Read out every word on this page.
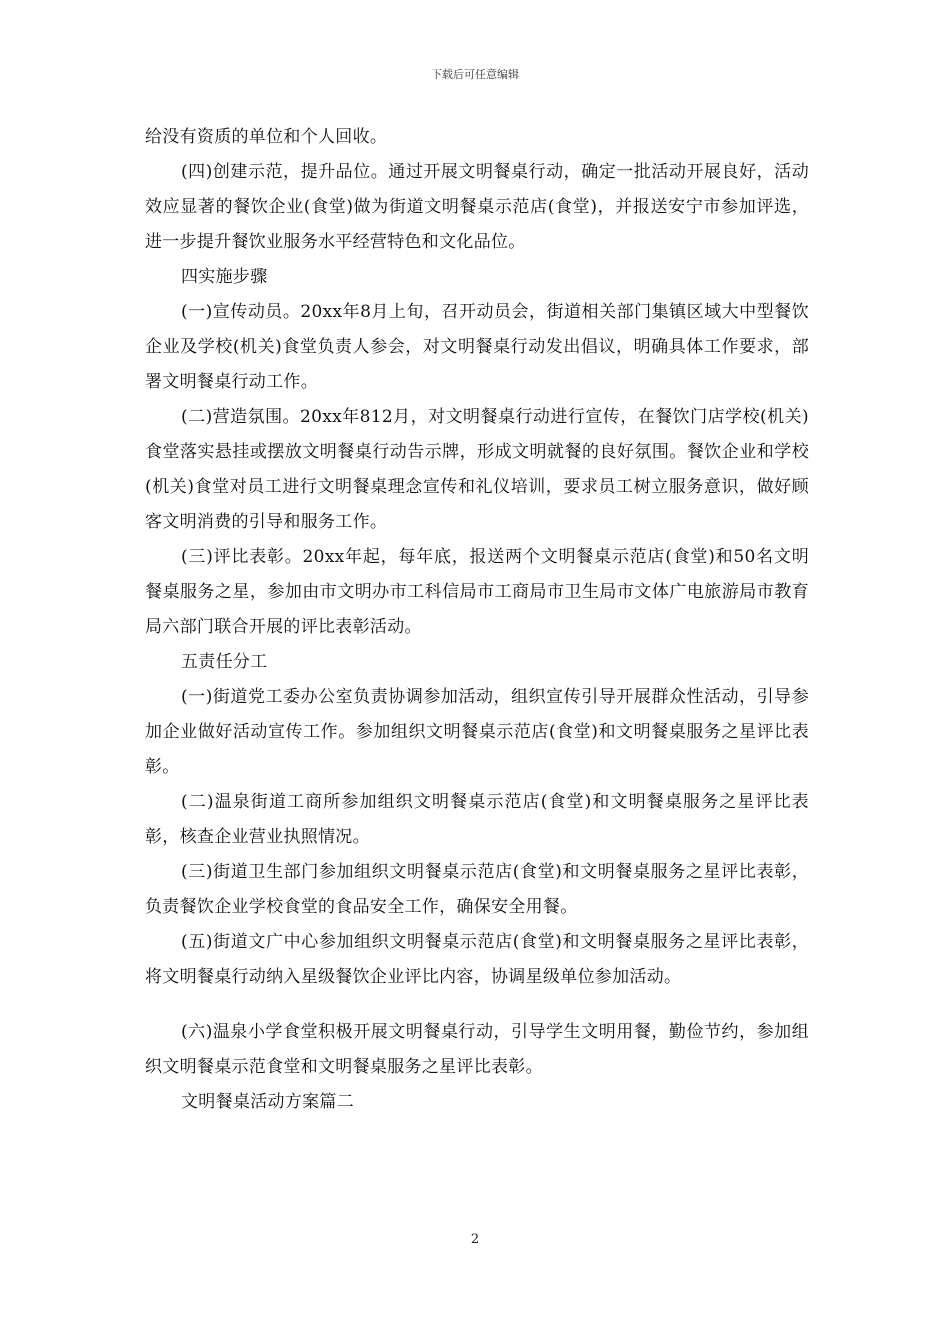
下载后可任意编辑

给没有资质的单位和个人回收。

(四)创建示范，提升品位。通过开展文明餐桌行动，确定一批活动开展良好，活动效应显著的餐饮企业(食堂)做为街道文明餐桌示范店(食堂)，并报送安宁市参加评选，进一步提升餐饮业服务水平经营特色和文化品位。

四实施步骤

(一)宣传动员。20xx年8月上旬，召开动员会，街道相关部门集镇区域大中型餐饮企业及学校(机关)食堂负责人参会，对文明餐桌行动发出倡议，明确具体工作要求，部署文明餐桌行动工作。

(二)营造氛围。20xx年812月，对文明餐桌行动进行宣传，在餐饮门店学校(机关)食堂落实悬挂或摆放文明餐桌行动告示牌，形成文明就餐的良好氛围。餐饮企业和学校(机关)食堂对员工进行文明餐桌理念宣传和礼仪培训，要求员工树立服务意识，做好顾客文明消费的引导和服务工作。

(三)评比表彰。20xx年起，每年底，报送两个文明餐桌示范店(食堂)和50名文明餐桌服务之星，参加由市文明办市工科信局市工商局市卫生局市文体广电旅游局市教育局六部门联合开展的评比表彰活动。

五责任分工

(一)街道党工委办公室负责协调参加活动，组织宣传引导开展群众性活动，引导参加企业做好活动宣传工作。参加组织文明餐桌示范店(食堂)和文明餐桌服务之星评比表彰。

(二)温泉街道工商所参加组织文明餐桌示范店(食堂)和文明餐桌服务之星评比表彰，核查企业营业执照情况。

(三)街道卫生部门参加组织文明餐桌示范店(食堂)和文明餐桌服务之星评比表彰，负责餐饮企业学校食堂的食品安全工作，确保安全用餐。

(五)街道文广中心参加组织文明餐桌示范店(食堂)和文明餐桌服务之星评比表彰，将文明餐桌行动纳入星级餐饮企业评比内容，协调星级单位参加活动。

(六)温泉小学食堂积极开展文明餐桌行动，引导学生文明用餐，勤俭节约，参加组织文明餐桌示范食堂和文明餐桌服务之星评比表彰。

文明餐桌活动方案篇二

2
